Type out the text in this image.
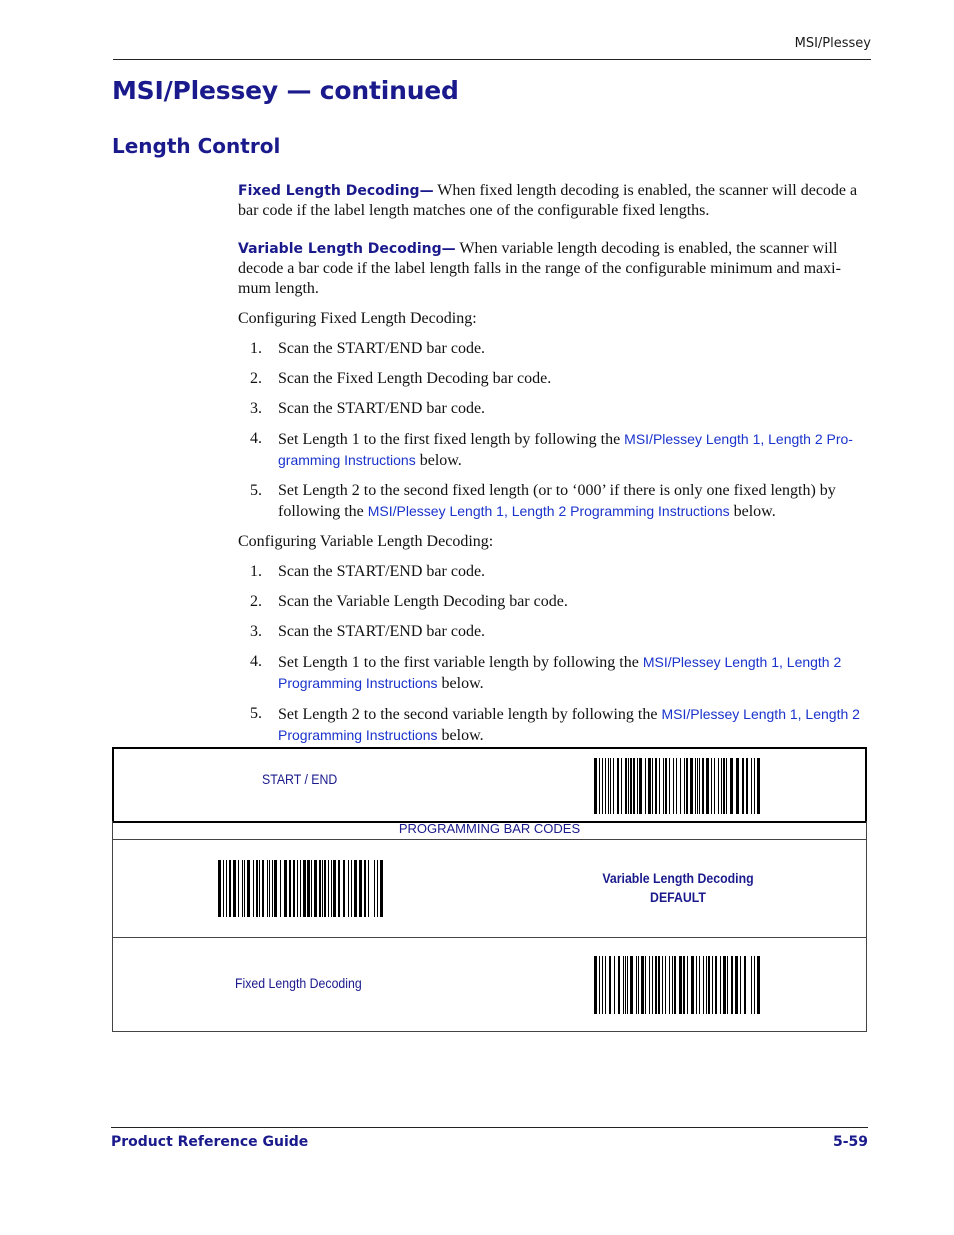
MSI/Plessey
MSI/Plessey — continued
Length Control

Fixed Length Decoding— When fixed length decoding is enabled, the scanner will decode a bar code if the label length matches one of the configurable fixed lengths.

Variable Length Decoding— When variable length decoding is enabled, the scanner will decode a bar code if the label length falls in the range of the configurable minimum and maxi-mum length.

Configuring Fixed Length Decoding:

1. Scan the START/END bar code.
2. Scan the Fixed Length Decoding bar code.
3. Scan the START/END bar code.
4. Set Length 1 to the first fixed length by following the MSI/Plessey Length 1, Length 2 Pro-gramming Instructions below.
5. Set Length 2 to the second fixed length (or to ‘000’ if there is only one fixed length) by following the MSI/Plessey Length 1, Length 2 Programming Instructions below.

Configuring Variable Length Decoding:

1. Scan the START/END bar code.
2. Scan the Variable Length Decoding bar code.
3. Scan the START/END bar code.
4. Set Length 1 to the first variable length by following the MSI/Plessey Length 1, Length 2 Programming Instructions below.
5. Set Length 2 to the second variable length by following the MSI/Plessey Length 1, Length 2 Programming Instructions below.
START / END
PROGRAMMING BAR CODES
Variable Length Decoding
DEFAULT
Fixed Length Decoding
Product Reference Guide	5-59
